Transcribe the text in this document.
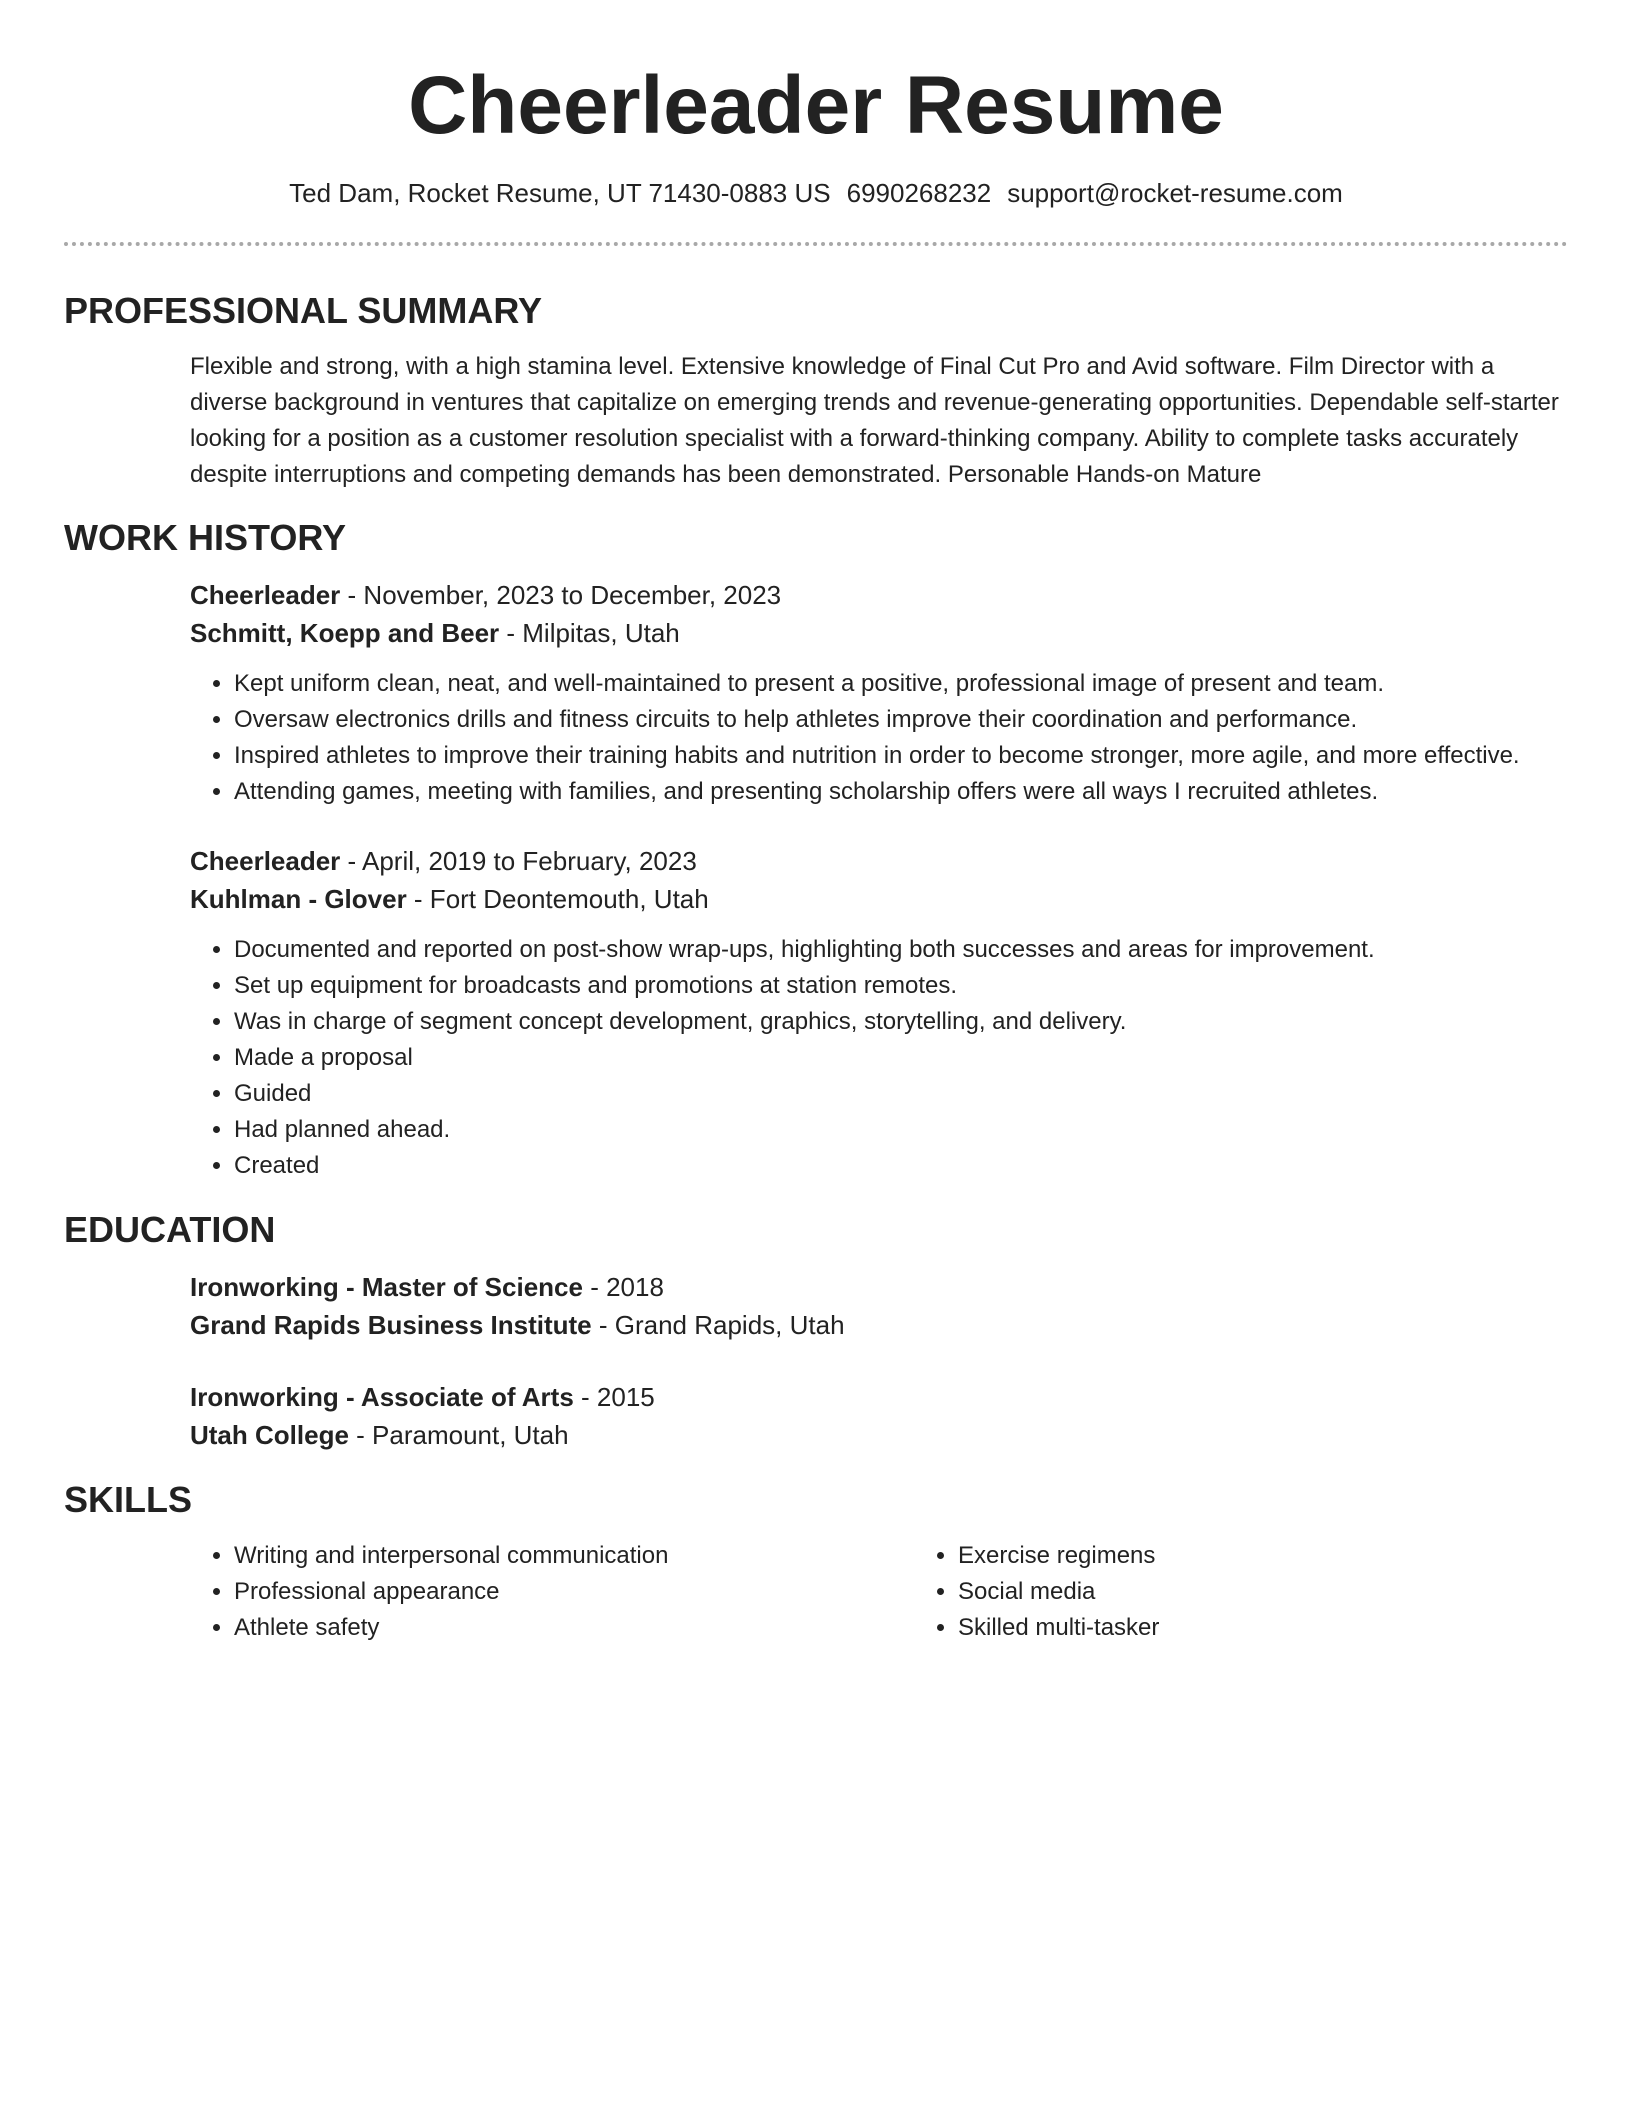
Cheerleader Resume
Ted Dam, Rocket Resume, UT 71430-0883 US 6990268232 support@rocket-resume.com
PROFESSIONAL SUMMARY

Flexible and strong, with a high stamina level. Extensive knowledge of Final Cut Pro and Avid software. Film Director with a diverse background in ventures that capitalize on emerging trends and revenue-generating opportunities. Dependable self-starter looking for a position as a customer resolution specialist with a forward-thinking company. Ability to complete tasks accurately despite interruptions and competing demands has been demonstrated. Personable Hands-on Mature

WORK HISTORY
Cheerleader - November, 2023 to December, 2023
Schmitt, Koepp and Beer - Milpitas, Utah
• Kept uniform clean, neat, and well-maintained to present a positive, professional image of present and team.
• Oversaw electronics drills and fitness circuits to help athletes improve their coordination and performance.
• Inspired athletes to improve their training habits and nutrition in order to become stronger, more agile, and more effective.
• Attending games, meeting with families, and presenting scholarship offers were all ways I recruited athletes.
Cheerleader - April, 2019 to February, 2023
Kuhlman - Glover - Fort Deontemouth, Utah
• Documented and reported on post-show wrap-ups, highlighting both successes and areas for improvement.
• Set up equipment for broadcasts and promotions at station remotes.
• Was in charge of segment concept development, graphics, storytelling, and delivery.
• Made a proposal
• Guided
• Had planned ahead.
• Created
EDUCATION
Ironworking - Master of Science - 2018
Grand Rapids Business Institute - Grand Rapids, Utah
Ironworking - Associate of Arts - 2015
Utah College - Paramount, Utah
SKILLS
• Writing and interpersonal communication
• Professional appearance
• Athlete safety
• Exercise regimens
• Social media
• Skilled multi-tasker
